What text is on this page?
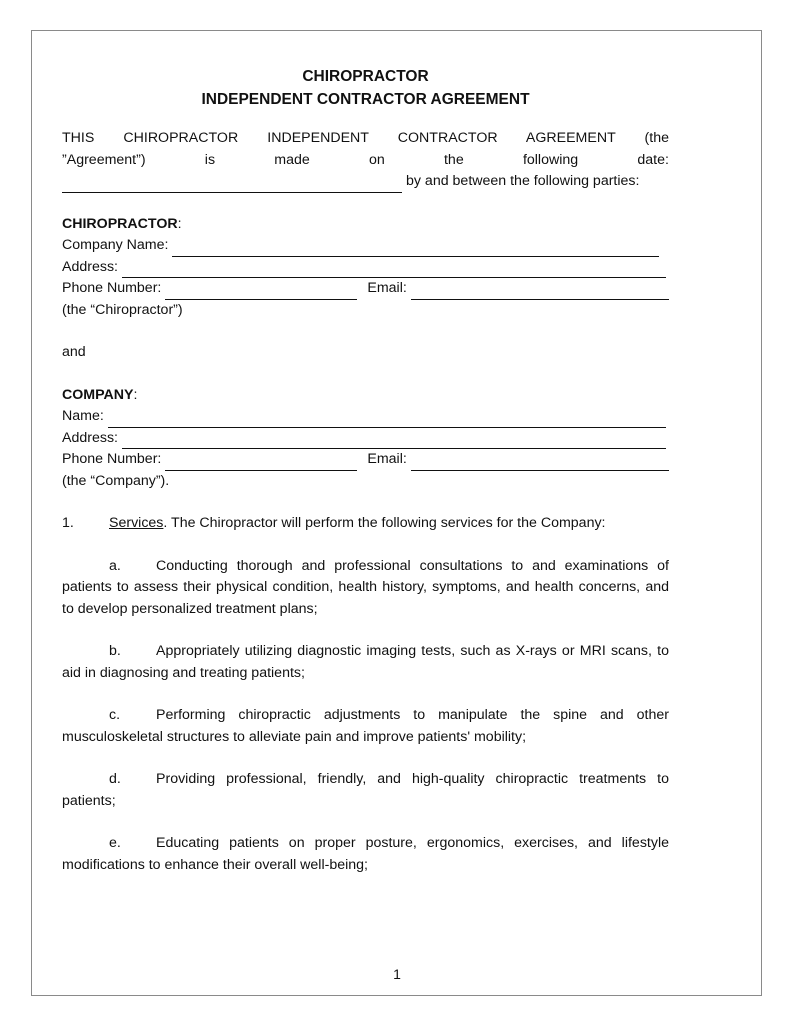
CHIROPRACTOR
INDEPENDENT CONTRACTOR AGREEMENT
THIS CHIROPRACTOR INDEPENDENT CONTRACTOR AGREEMENT (the
”Agreement”)	is	made	on	the	following	date:
by and between the following parties:
CHIROPRACTOR:
Company Name:
Address:
Phone Number:	Email:
(the “Chiropractor”)
and
COMPANY:
Name:
Address:
Phone Number:	Email:
(the “Company”).
1. Services. The Chiropractor will perform the following services for the Company:
a. Conducting thorough and professional consultations to and examinations of patients to assess their physical condition, health history, symptoms, and health concerns, and to develop personalized treatment plans;
b. Appropriately utilizing diagnostic imaging tests, such as X-rays or MRI scans, to aid in diagnosing and treating patients;
c.	Performing chiropractic adjustments to manipulate the spine and other musculoskeletal structures to alleviate pain and improve patients' mobility;
d. Providing professional, friendly, and high-quality chiropractic treatments to patients;
e. Educating patients on proper posture, ergonomics, exercises, and lifestyle modifications to enhance their overall well-being;
1
